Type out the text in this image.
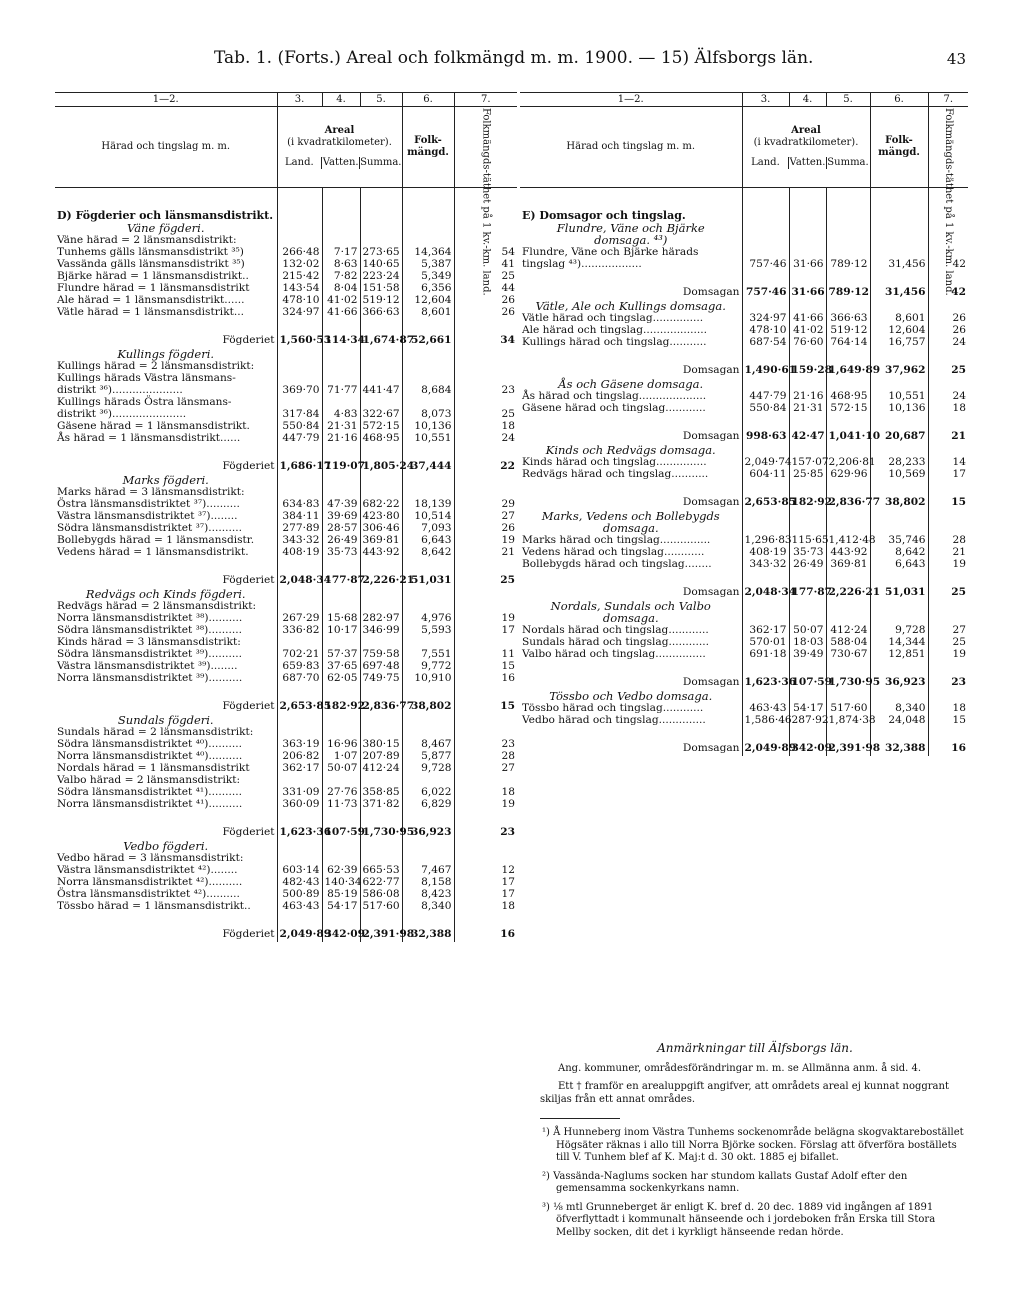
Tab. 1. (Forts.) Areal och folkmängd m. m. 1900. — 15) Älfsborgs län.	43
1—2.	3.	4.	5.	6.	7.
Härad och tingslag m. m.	Areal
(i kvadratkilometer).
Land. Vatten. Summa.			Folk-mängd.	Folkmängds-täthet på 1 kv.-km. land.

D) Fögderier och länsmansdistrikt.					
Väne fögderi.					
Väne härad = 2 länsmansdistrikt:					
Tunhems gälls länsmansdistrikt ³⁵)	266·48	7·17	273·65	14,364	54
Vassända gälls länsmansdistrikt ³⁵)	132·02	8·63	140·65	5,387	41
Bjärke härad = 1 länsmansdistrikt..	215·42	7·82	223·24	5,349	25
Flundre härad = 1 länsmansdistrikt	143·54	8·04	151·58	6,356	44
Ale härad = 1 länsmansdistrikt......	478·10	41·02	519·12	12,604	26
Vätle härad = 1 länsmansdistrikt...	324·97	41·66	366·63	8,601	26
Fögderiet	1,560·53	114·34	1,674·87	52,661	34
Kullings fögderi.					
Kullings härad = 2 länsmansdistrikt:					
Kullings härads Västra länsmans-					
distrikt ³⁶).....................	369·70	71·77	441·47	8,684	23
Kullings härads Östra länsmans-					
distrikt ³⁶)......................	317·84	4·83	322·67	8,073	25
Gäsene härad = 1 länsmansdistrikt.	550·84	21·31	572·15	10,136	18
Ås härad = 1 länsmansdistrikt......	447·79	21·16	468·95	10,551	24
Fögderiet	1,686·17	119·07	1,805·24	37,444	22
Marks fögderi.					
Marks härad = 3 länsmansdistrikt:					
Östra länsmansdistriktet ³⁷)..........	634·83	47·39	682·22	18,139	29
Västra länsmansdistriktet ³⁷)........	384·11	39·69	423·80	10,514	27
Södra länsmansdistriktet ³⁷)..........	277·89	28·57	306·46	7,093	26
Bollebygds härad = 1 länsmansdistr.	343·32	26·49	369·81	6,643	19
Vedens härad = 1 länsmansdistrikt.	408·19	35·73	443·92	8,642	21
Fögderiet	2,048·34	177·87	2,226·21	51,031	25
Redvägs och Kinds fögderi.					
Redvägs härad = 2 länsmansdistrikt:					
Norra länsmansdistriktet ³⁸)..........	267·29	15·68	282·97	4,976	19
Södra länsmansdistriktet ³⁸)..........	336·82	10·17	346·99	5,593	17
Kinds härad = 3 länsmansdistrikt:					
Södra länsmansdistriktet ³⁹)..........	702·21	57·37	759·58	7,551	11
Västra länsmansdistriktet ³⁹)........	659·83	37·65	697·48	9,772	15
Norra länsmansdistriktet ³⁹)..........	687·70	62·05	749·75	10,910	16
Fögderiet	2,653·85	182·92	2,836·77	38,802	15
Sundals fögderi.					
Sundals härad = 2 länsmansdistrikt:					
Södra länsmansdistriktet ⁴⁰)..........	363·19	16·96	380·15	8,467	23
Norra länsmansdistriktet ⁴⁰)..........	206·82	1·07	207·89	5,877	28
Nordals härad = 1 länsmansdistrikt	362·17	50·07	412·24	9,728	27
Valbo härad = 2 länsmansdistrikt:					
Södra länsmansdistriktet ⁴¹)..........	331·09	27·76	358·85	6,022	18
Norra länsmansdistriktet ⁴¹)..........	360·09	11·73	371·82	6,829	19
Fögderiet	1,623·36	107·59	1,730·95	36,923	23
Vedbo fögderi.					
Vedbo härad = 3 länsmansdistrikt:					
Västra länsmansdistriktet ⁴²)........	603·14	62·39	665·53	7,467	12
Norra länsmansdistriktet ⁴²)..........	482·43	140·34	622·77	8,158	17
Östra länsmansdistriktet ⁴²)..........	500·89	85·19	586·08	8,423	17
Tössbo härad = 1 länsmansdistrikt..	463·43	54·17	517·60	8,340	18
Fögderiet	2,049·89	342·09	2,391·98	32,388	16
1—2.	3.	4.	5.	6.	7.
Härad och tingslag m. m.	Areal
(i kvadratkilometer).
Land. Vatten. Summa.			Folk-mängd.	Folkmängds-täthet på 1 kv.-km. land.

E) Domsagor och tingslag.					
Flundre, Väne och Bjärke					
domsaga. ⁴³)					
Flundre, Väne och Bjärke härads					
tingslag ⁴³)..................	757·46	31·66	789·12	31,456	42
Domsagan	757·46	31·66	789·12	31,456	42
Vätle, Ale och Kullings domsaga.					
Vätle härad och tingslag...............	324·97	41·66	366·63	8,601	26
Ale härad och tingslag...................	478·10	41·02	519·12	12,604	26
Kullings härad och tingslag...........	687·54	76·60	764·14	16,757	24
Domsagan	1,490·61	159·28	1,649·89	37,962	25
Ås och Gäsene domsaga.					
Ås härad och tingslag....................	447·79	21·16	468·95	10,551	24
Gäsene härad och tingslag............	550·84	21·31	572·15	10,136	18
Domsagan	998·63	42·47	1,041·10	20,687	21
Kinds och Redvägs domsaga.					
Kinds härad och tingslag...............	2,049·74	157·07	2,206·81	28,233	14
Redvägs härad och tingslag...........	604·11	25·85	629·96	10,569	17
Domsagan	2,653·85	182·92	2,836·77	38,802	15
Marks, Vedens och Bollebygds					
domsaga.					
Marks härad och tingslag...............	1,296·83	115·65	1,412·48	35,746	28
Vedens härad och tingslag............	408·19	35·73	443·92	8,642	21
Bollebygds härad och tingslag........	343·32	26·49	369·81	6,643	19
Domsagan	2,048·34	177·87	2,226·21	51,031	25
Nordals, Sundals och Valbo					
domsaga.					
Nordals härad och tingslag............	362·17	50·07	412·24	9,728	27
Sundals härad och tingslag............	570·01	18·03	588·04	14,344	25
Valbo härad och tingslag...............	691·18	39·49	730·67	12,851	19
Domsagan	1,623·36	107·59	1,730·95	36,923	23
Tössbo och Vedbo domsaga.					
Tössbo härad och tingslag............	463·43	54·17	517·60	8,340	18
Vedbo härad och tingslag..............	1,586·46	287·92	1,874·38	24,048	15
Domsagan	2,049·89	342·09	2,391·98	32,388	16
Anmärkningar till Älfsborgs län.

Ang. kommuner, områdesförändringar m. m. se Allmänna anm. å sid. 4.

Ett † framför en arealuppgift angifver, att områdets areal ej kunnat noggrant skiljas från ett annat områdes.

¹) Å Hunneberg inom Västra Tunhems sockenområde belägna skogvaktarebostället Högsäter räknas i allo till Norra Björke socken. Förslag att öfverföra boställets till V. Tunhem blef af K. Maj:t d. 30 okt. 1885 ej bifallet.
²) Vassända-Naglums socken har stundom kallats Gustaf Adolf efter den gemensamma sockenkyrkans namn.
³) ⅛ mtl Grunneberget är enligt K. bref d. 20 dec. 1889 vid ingången af 1891 öfverflyttadt i kommunalt hänseende och i jordeboken från Erska till Stora Mellby socken, dit det i kyrkligt hänseende redan hörde.
